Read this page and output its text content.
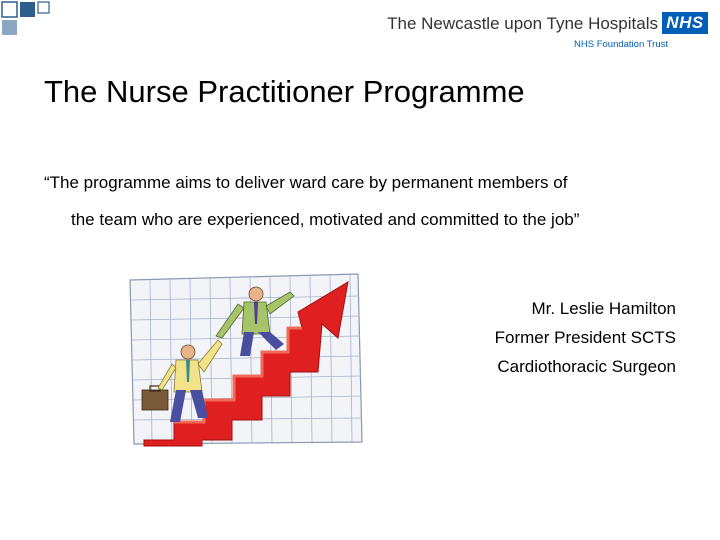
The Newcastle upon Tyne Hospitals NHS
NHS Foundation Trust
The Nurse Practitioner Programme
“The programme aims to deliver ward care by permanent members of
the team who are experienced, motivated and committed to the job”
Mr. Leslie Hamilton
Former President SCTS
Cardiothoracic Surgeon
